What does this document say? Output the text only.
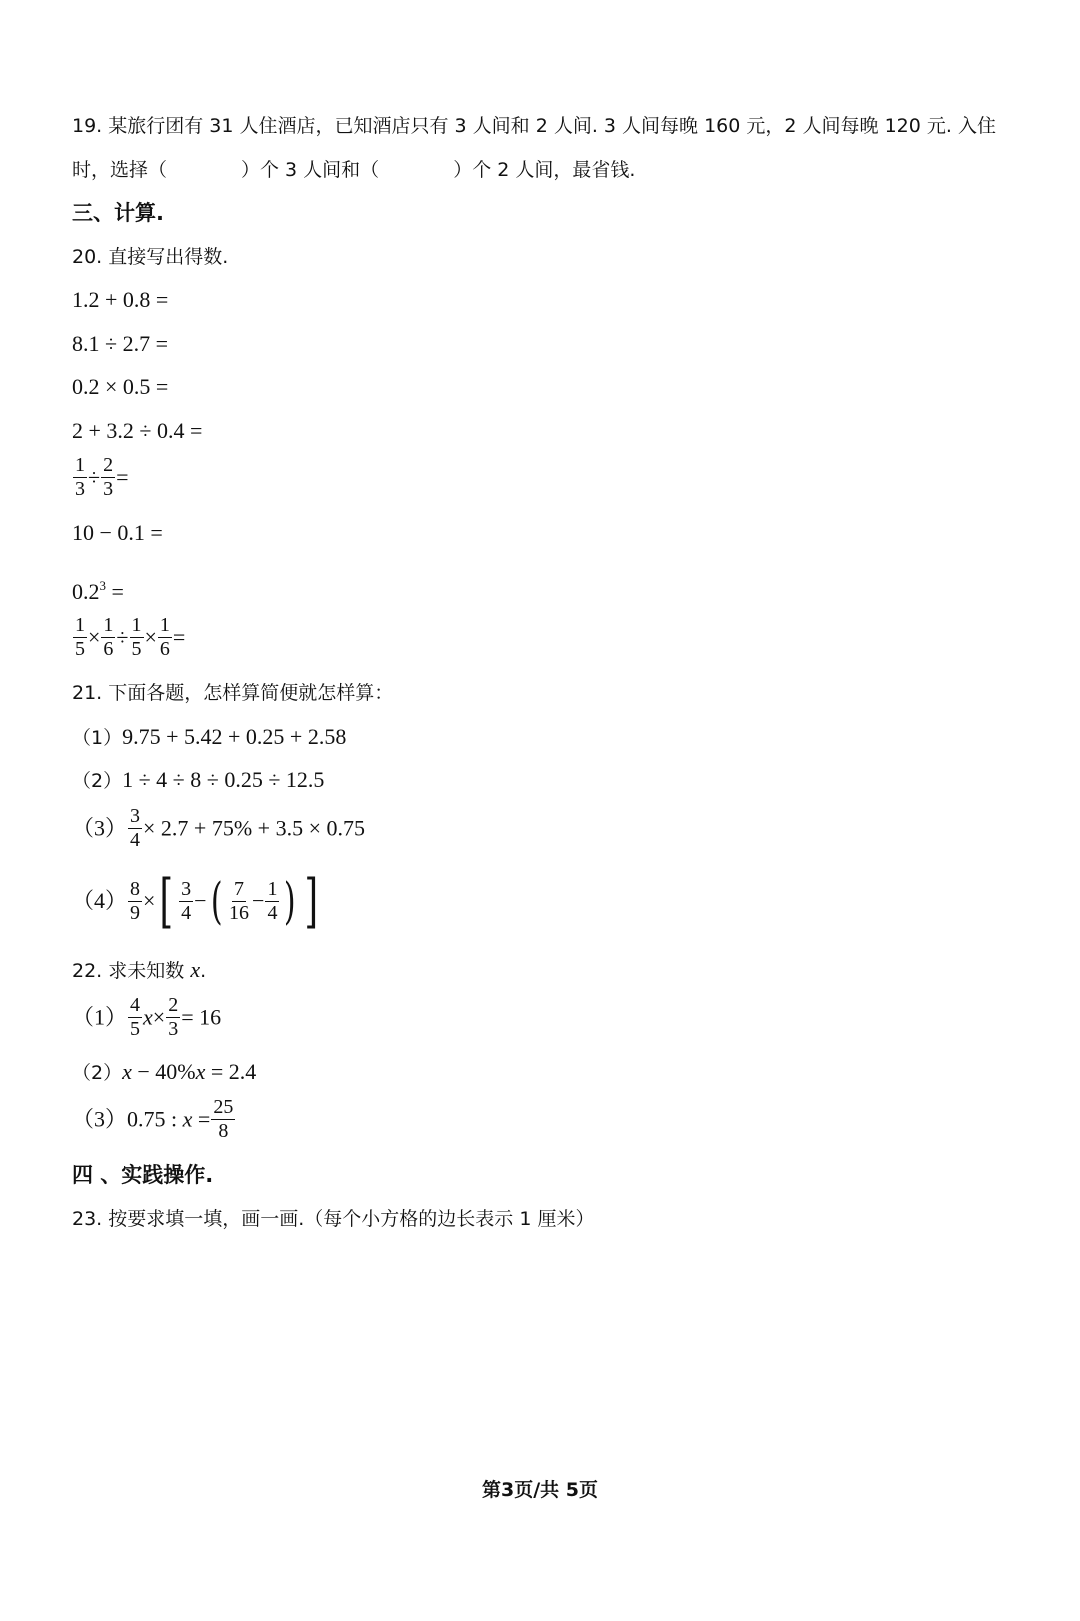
19. 某旅行团有 31 人住酒店，已知酒店只有 3 人间和 2 人间. 3 人间每晚 160 元，2 人间每晚 120 元. 入住
时，选择（	）个 3 人间和（	）个 2 人间，最省钱.
三、计算.
20. 直接写出得数.
1.2 + 0.8 =
8.1 ÷ 2.7 =
0.2 × 0.5 =
2 + 3.2 ÷ 0.4 =
$\frac{1}{3} \div \frac{2}{3}$ =
10 − 0.1 =
$0.2^3$ =
$\frac{1}{5} \times \frac{1}{6} \div \frac{1}{5} \times \frac{1}{6}$ =
21. 下面各题，怎样算简便就怎样算：
（1）9.75 + 5.42 + 0.25 + 2.58
（2）1 ÷ 4 ÷ 8 ÷ 0.25 ÷ 12.5
$(3) \frac{3}{4} \times 2.7 + 75\% + 3.5 \times 0.75$
$(4) \frac{8}{9}$ ×[ $\frac{3}{4}$ −( $\frac{7}{16} - \frac{1}{4}$ ) ]
22. 求未知数 x.
$(1) \frac{4}{5} x\times \frac{2}{3} = 16$
（2）x − 40%x = 2.4
（3）0.75 : $x = \frac{25}{8}$
四 、实践操作.
23. 按要求填一填，画一画.（每个小方格的边长表示 1 厘米）
第3页/共 5页
